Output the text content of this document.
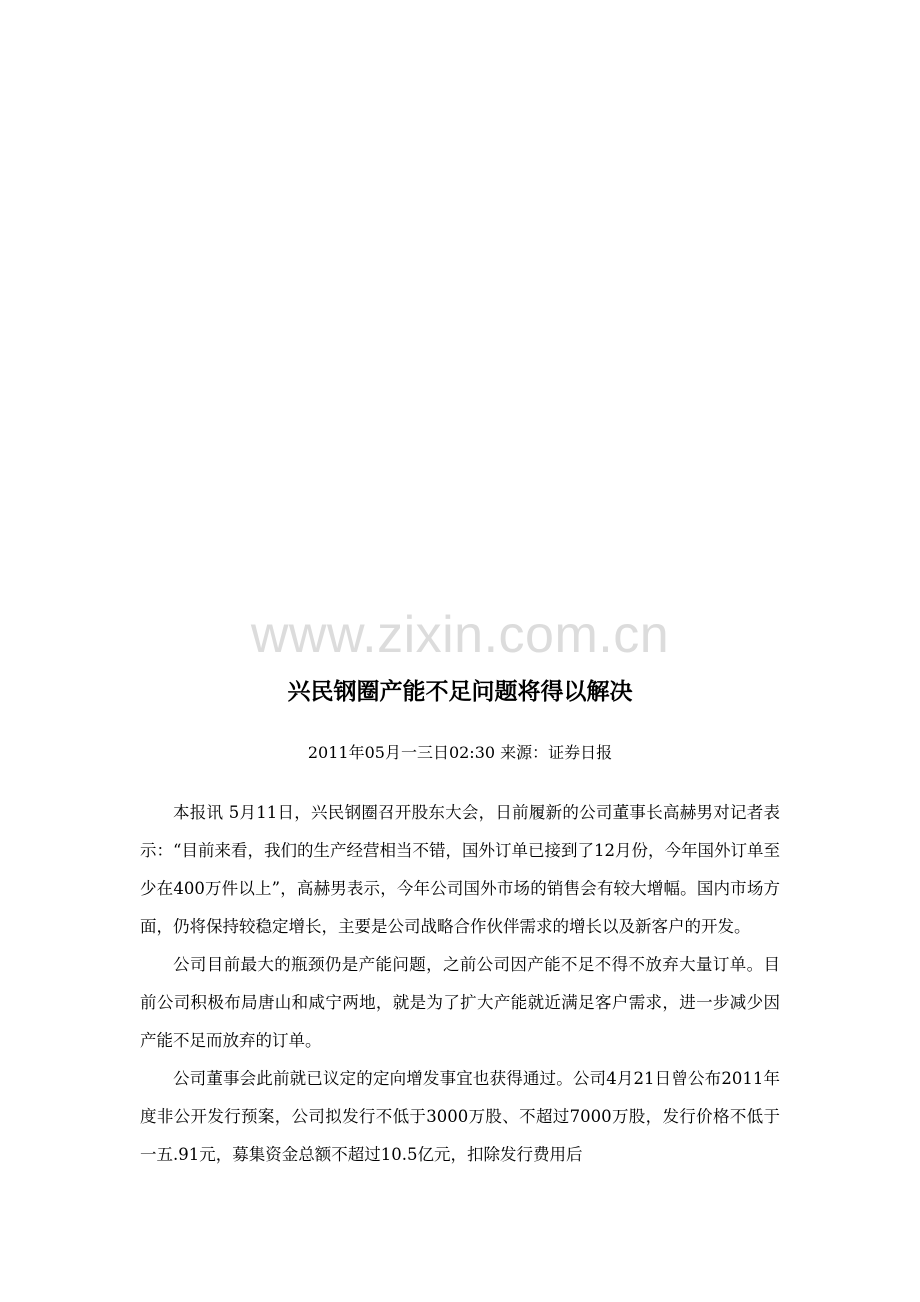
www.zixin.com.cn
兴民钢圈产能不足问题将得以解决
2011年05月一三日02:30 来源：证券日报

本报讯 5月11日，兴民钢圈召开股东大会，日前履新的公司董事长高赫男对记者表示：“目前来看，我们的生产经营相当不错，国外订单已接到了12月份，今年国外订单至少在400万件以上”，高赫男表示，今年公司国外市场的销售会有较大增幅。国内市场方面，仍将保持较稳定增长，主要是公司战略合作伙伴需求的增长以及新客户的开发。

公司目前最大的瓶颈仍是产能问题，之前公司因产能不足不得不放弃大量订单。目前公司积极布局唐山和咸宁两地，就是为了扩大产能就近满足客户需求，进一步减少因产能不足而放弃的订单。

公司董事会此前就已议定的定向增发事宜也获得通过。公司4月21日曾公布2011年度非公开发行预案，公司拟发行不低于3000万股、不超过7000万股，发行价格不低于一五.91元，募集资金总额不超过10.5亿元，扣除发行费用后
